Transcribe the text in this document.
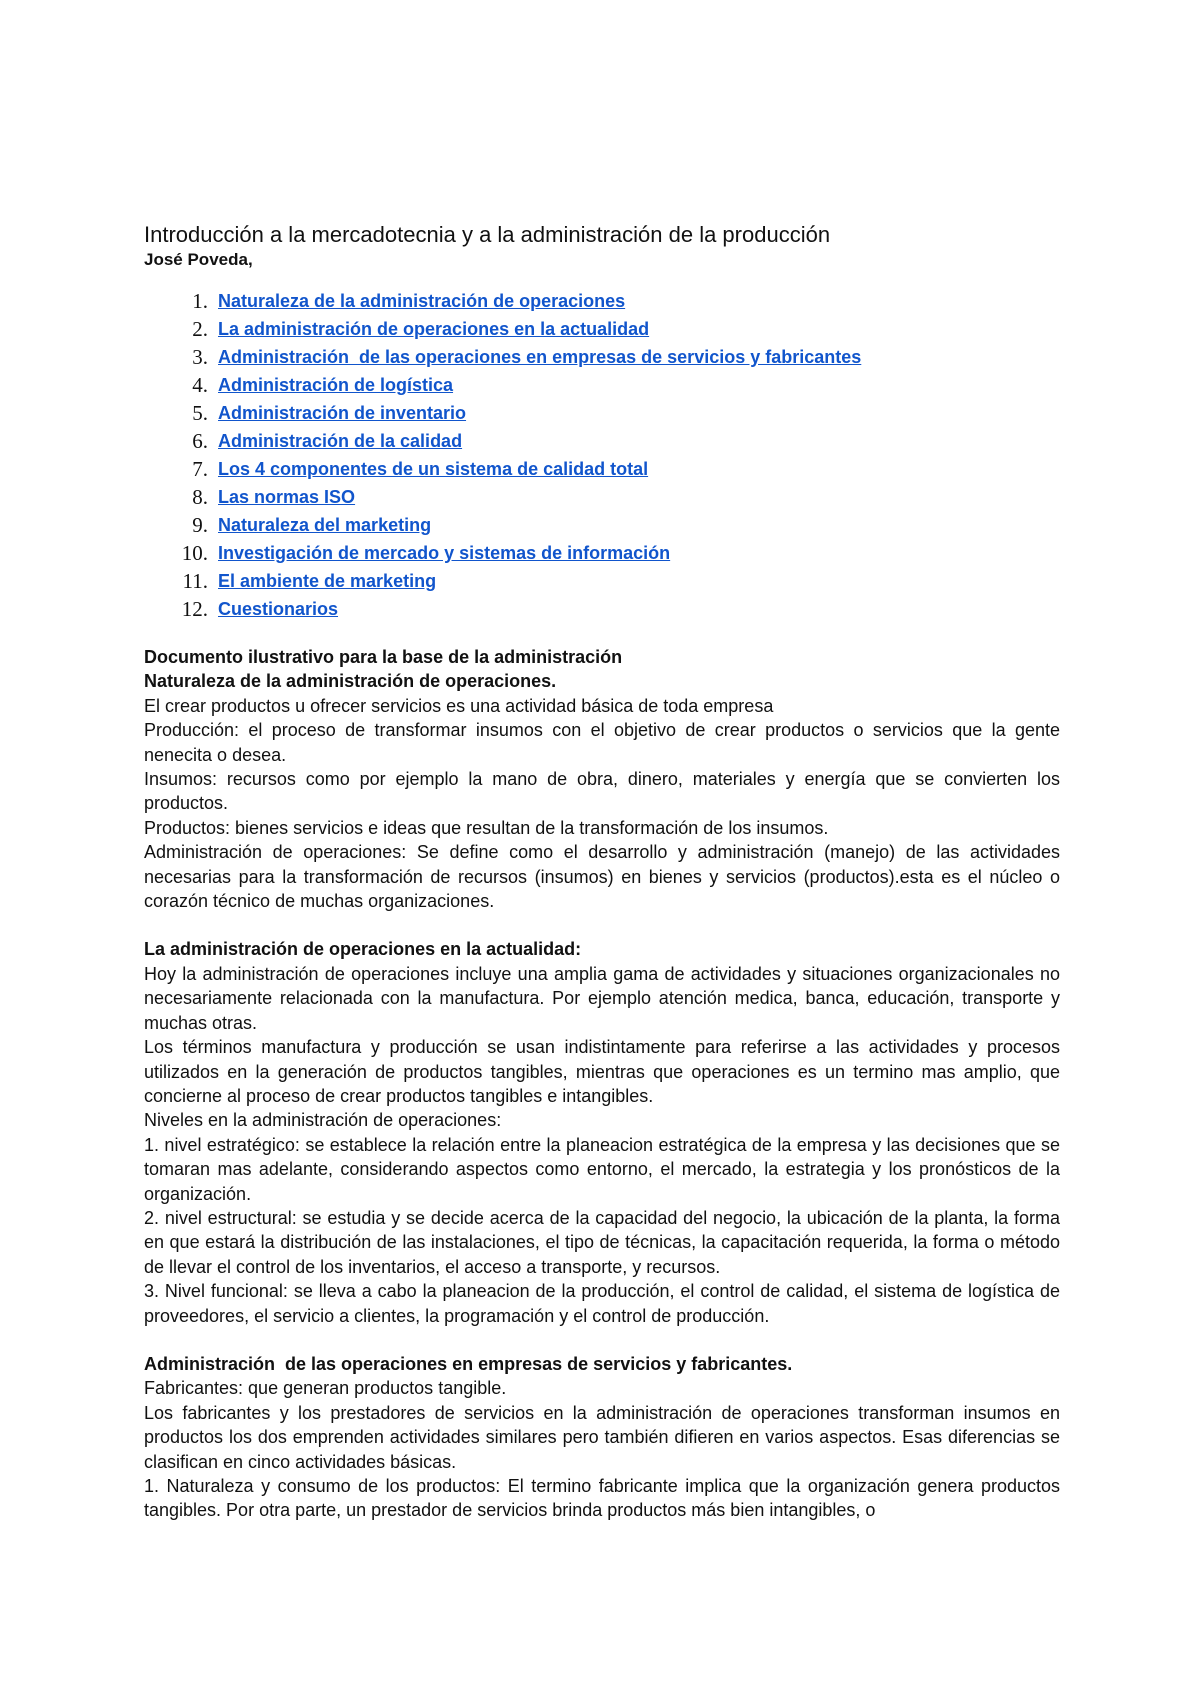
Introducción a la mercadotecnia y a la administración de la producción
José Poveda,
1. Naturaleza de la administración de operaciones
2. La administración de operaciones en la actualidad
3. Administración  de las operaciones en empresas de servicios y fabricantes
4. Administración de logística
5. Administración de inventario
6. Administración de la calidad
7. Los 4 componentes de un sistema de calidad total
8. Las normas ISO
9. Naturaleza del marketing
10. Investigación de mercado y sistemas de información
11. El ambiente de marketing
12. Cuestionarios
Documento ilustrativo para la base de la administración
Naturaleza de la administración de operaciones.

El crear productos u ofrecer servicios es una actividad básica de toda empresa

Producción: el proceso de transformar insumos con el objetivo de crear productos o servicios que la gente nenecita o desea.

Insumos: recursos como por ejemplo la mano de obra, dinero, materiales y energía que se convierten los productos.

Productos: bienes servicios e ideas que resultan de la transformación de los insumos.

Administración de operaciones: Se define como el desarrollo y administración (manejo) de las actividades necesarias para la transformación de recursos (insumos) en bienes y servicios (productos).esta es el núcleo o corazón técnico de muchas organizaciones.

La administración de operaciones en la actualidad:

Hoy la administración de operaciones incluye una amplia gama de actividades y situaciones organizacionales no necesariamente relacionada con la manufactura. Por ejemplo atención medica, banca, educación, transporte y muchas otras.

Los términos manufactura y producción se usan indistintamente para referirse a las actividades y procesos utilizados en la generación de productos tangibles, mientras que operaciones es un termino mas amplio, que concierne al proceso de crear productos tangibles e intangibles.

Niveles en la administración de operaciones:

1. nivel estratégico: se establece la relación entre la planeacion estratégica de la empresa y las decisiones que se tomaran mas adelante, considerando aspectos como entorno, el mercado, la estrategia y los pronósticos de la organización.

2. nivel estructural: se estudia y se decide acerca de la capacidad del negocio, la ubicación de la planta, la forma en que estará la distribución de las instalaciones, el tipo de técnicas, la capacitación requerida, la forma o método de llevar el control de los inventarios, el acceso a transporte, y recursos.

3. Nivel funcional: se lleva a cabo la planeacion de la producción, el control de calidad, el sistema de logística de proveedores, el servicio a clientes, la programación y el control de producción.

Administración  de las operaciones en empresas de servicios y fabricantes.

Fabricantes: que generan productos tangible.

Los fabricantes y los prestadores de servicios en la administración de operaciones transforman insumos en productos los dos emprenden actividades similares pero también difieren en varios aspectos. Esas diferencias se clasifican en cinco actividades básicas.

1. Naturaleza y consumo de los productos: El termino fabricante implica que la organización genera productos tangibles. Por otra parte, un prestador de servicios brinda productos más bien intangibles, o
